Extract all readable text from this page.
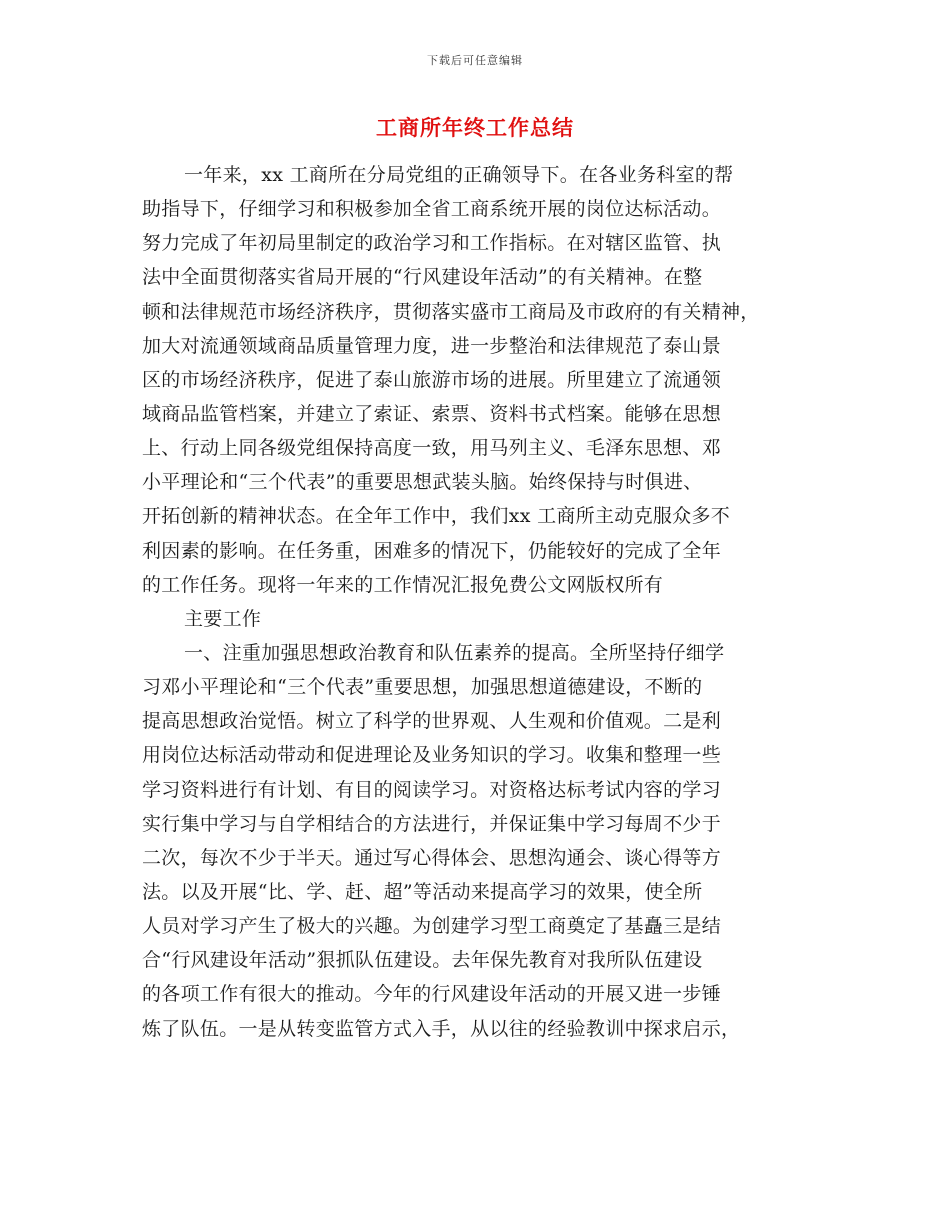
下载后可任意编辑
工商所年终工作总结
一年来，xx 工商所在分局党组的正确领导下。在各业务科室的帮
助指导下，仔细学习和积极参加全省工商系统开展的岗位达标活动。
努力完成了年初局里制定的政治学习和工作指标。在对辖区监管、执
法中全面贯彻落实省局开展的“行风建设年活动”的有关精神。在整
顿和法律规范市场经济秩序，贯彻落实盛市工商局及市政府的有关精神，
加大对流通领域商品质量管理力度，进一步整治和法律规范了泰山景
区的市场经济秩序，促进了泰山旅游市场的进展。所里建立了流通领
域商品监管档案，并建立了索证、索票、资料书式档案。能够在思想
上、行动上同各级党组保持高度一致，用马列主义、毛泽东思想、邓
小平理论和“三个代表”的重要思想武装头脑。始终保持与时俱进、
开拓创新的精神状态。在全年工作中，我们xx 工商所主动克服众多不
利因素的影响。在任务重，困难多的情况下，仍能较好的完成了全年
的工作任务。现将一年来的工作情况汇报免费公文网版权所有
主要工作
一、注重加强思想政治教育和队伍素养的提高。全所坚持仔细学
习邓小平理论和“三个代表”重要思想，加强思想道德建设，不断的
提高思想政治觉悟。树立了科学的世界观、人生观和价值观。二是利
用岗位达标活动带动和促进理论及业务知识的学习。收集和整理一些
学习资料进行有计划、有目的阅读学习。对资格达标考试内容的学习
实行集中学习与自学相结合的方法进行，并保证集中学习每周不少于
二次，每次不少于半天。通过写心得体会、思想沟通会、谈心得等方
法。以及开展“比、学、赶、超”等活动来提高学习的效果，使全所
人员对学习产生了极大的兴趣。为创建学习型工商奠定了基矗三是结
合“行风建设年活动”狠抓队伍建设。去年保先教育对我所队伍建设
的各项工作有很大的推动。今年的行风建设年活动的开展又进一步锤
炼了队伍。一是从转变监管方式入手，从以往的经验教训中探求启示，
